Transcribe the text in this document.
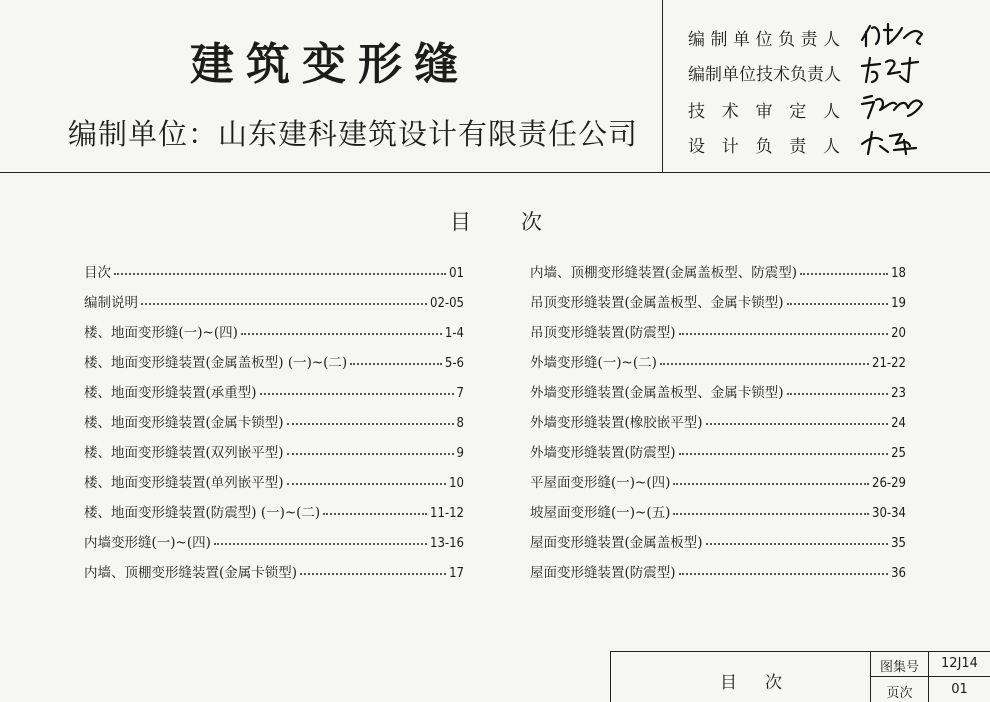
建筑变形缝
编制单位：山东建科建筑设计有限责任公司
编制单位负责人
编制单位技术负责人
技术审定人
设计负责人
目次
目次	01
编制说明	02-05
楼、地面变形缝(一)~(四)	1-4
楼、地面变形缝装置(金属盖板型) (一)~(二)	5-6
楼、地面变形缝装置(承重型)	7
楼、地面变形缝装置(金属卡锁型)	8
楼、地面变形缝装置(双列嵌平型)	9
楼、地面变形缝装置(单列嵌平型)	10
楼、地面变形缝装置(防震型) (一)~(二)	11-12
内墙变形缝(一)~(四)	13-16
内墙、顶棚变形缝装置(金属卡锁型)	17
内墙、顶棚变形缝装置(金属盖板型、防震型)	18
吊顶变形缝装置(金属盖板型、金属卡锁型)	19
吊顶变形缝装置(防震型)	20
外墙变形缝(一)~(二)	21-22
外墙变形缝装置(金属盖板型、金属卡锁型)	23
外墙变形缝装置(橡胶嵌平型)	24
外墙变形缝装置(防震型)	25
平屋面变形缝(一)~(四)	26-29
坡屋面变形缝(一)~(五)	30-34
屋面变形缝装置(金属盖板型)	35
屋面变形缝装置(防震型)	36
目次
图集号	12J14
页次	01
